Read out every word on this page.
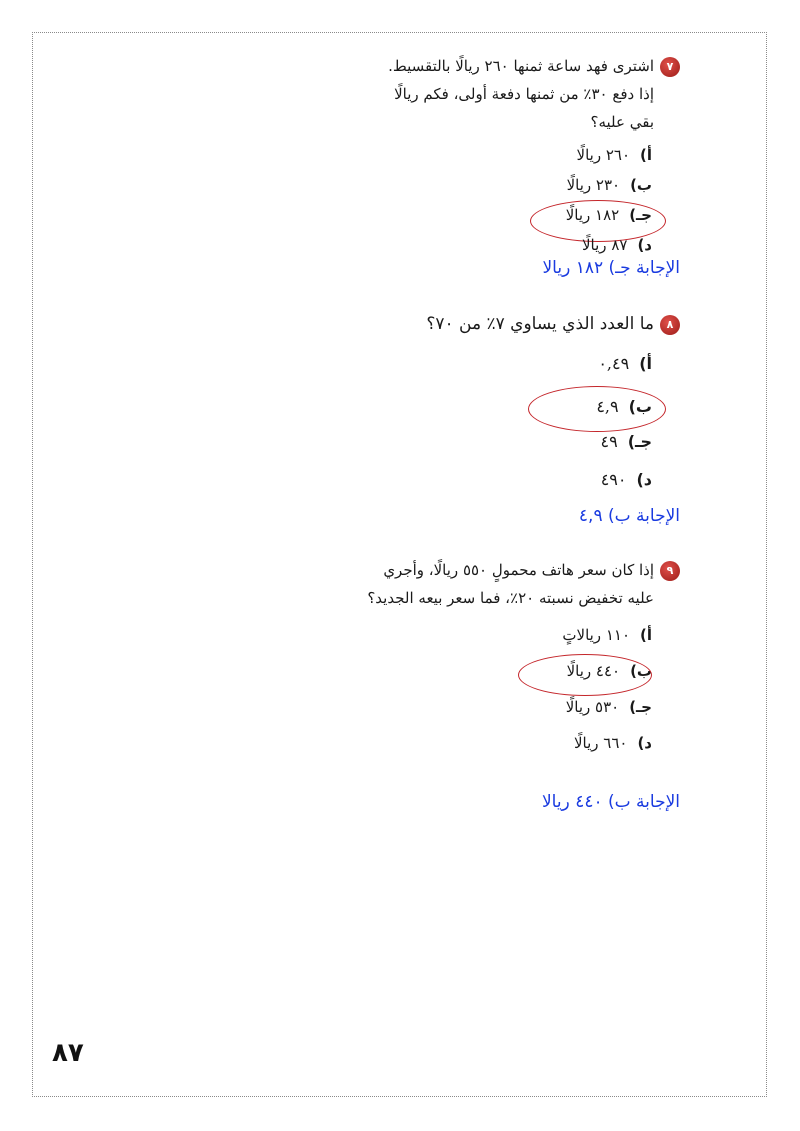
٧اشترى فهد ساعة ثمنها ٢٦٠ ريالًا بالتقسيط.
إذا دفع ٣٠٪ من ثمنها دفعة أولى، فكم ريالًا
بقي عليه؟
أ)٢٦٠ ريالًا
ب)٢٣٠ ريالًا
جـ)١٨٢ ريالًا
د)٨٧ ريالًا
الإجابة جـ) ١٨٢ ريالا
٨ما العدد الذي يساوي ٧٪ من ٧٠؟
أ)٠,٤٩
ب)٤,٩
جـ)٤٩
د)٤٩٠
الإجابة ب) ٤,٩
٩إذا كان سعر هاتف محمولٍ ٥٥٠ ريالًا، وأجري
عليه تخفيض نسبته ٢٠٪، فما سعر بيعه الجديد؟
أ)١١٠ ريالاتٍ
ب)٤٤٠ ريالًا
جـ)٥٣٠ ريالًا
د)٦٦٠ ريالًا
الإجابة ب) ٤٤٠ ريالا
٨٧
